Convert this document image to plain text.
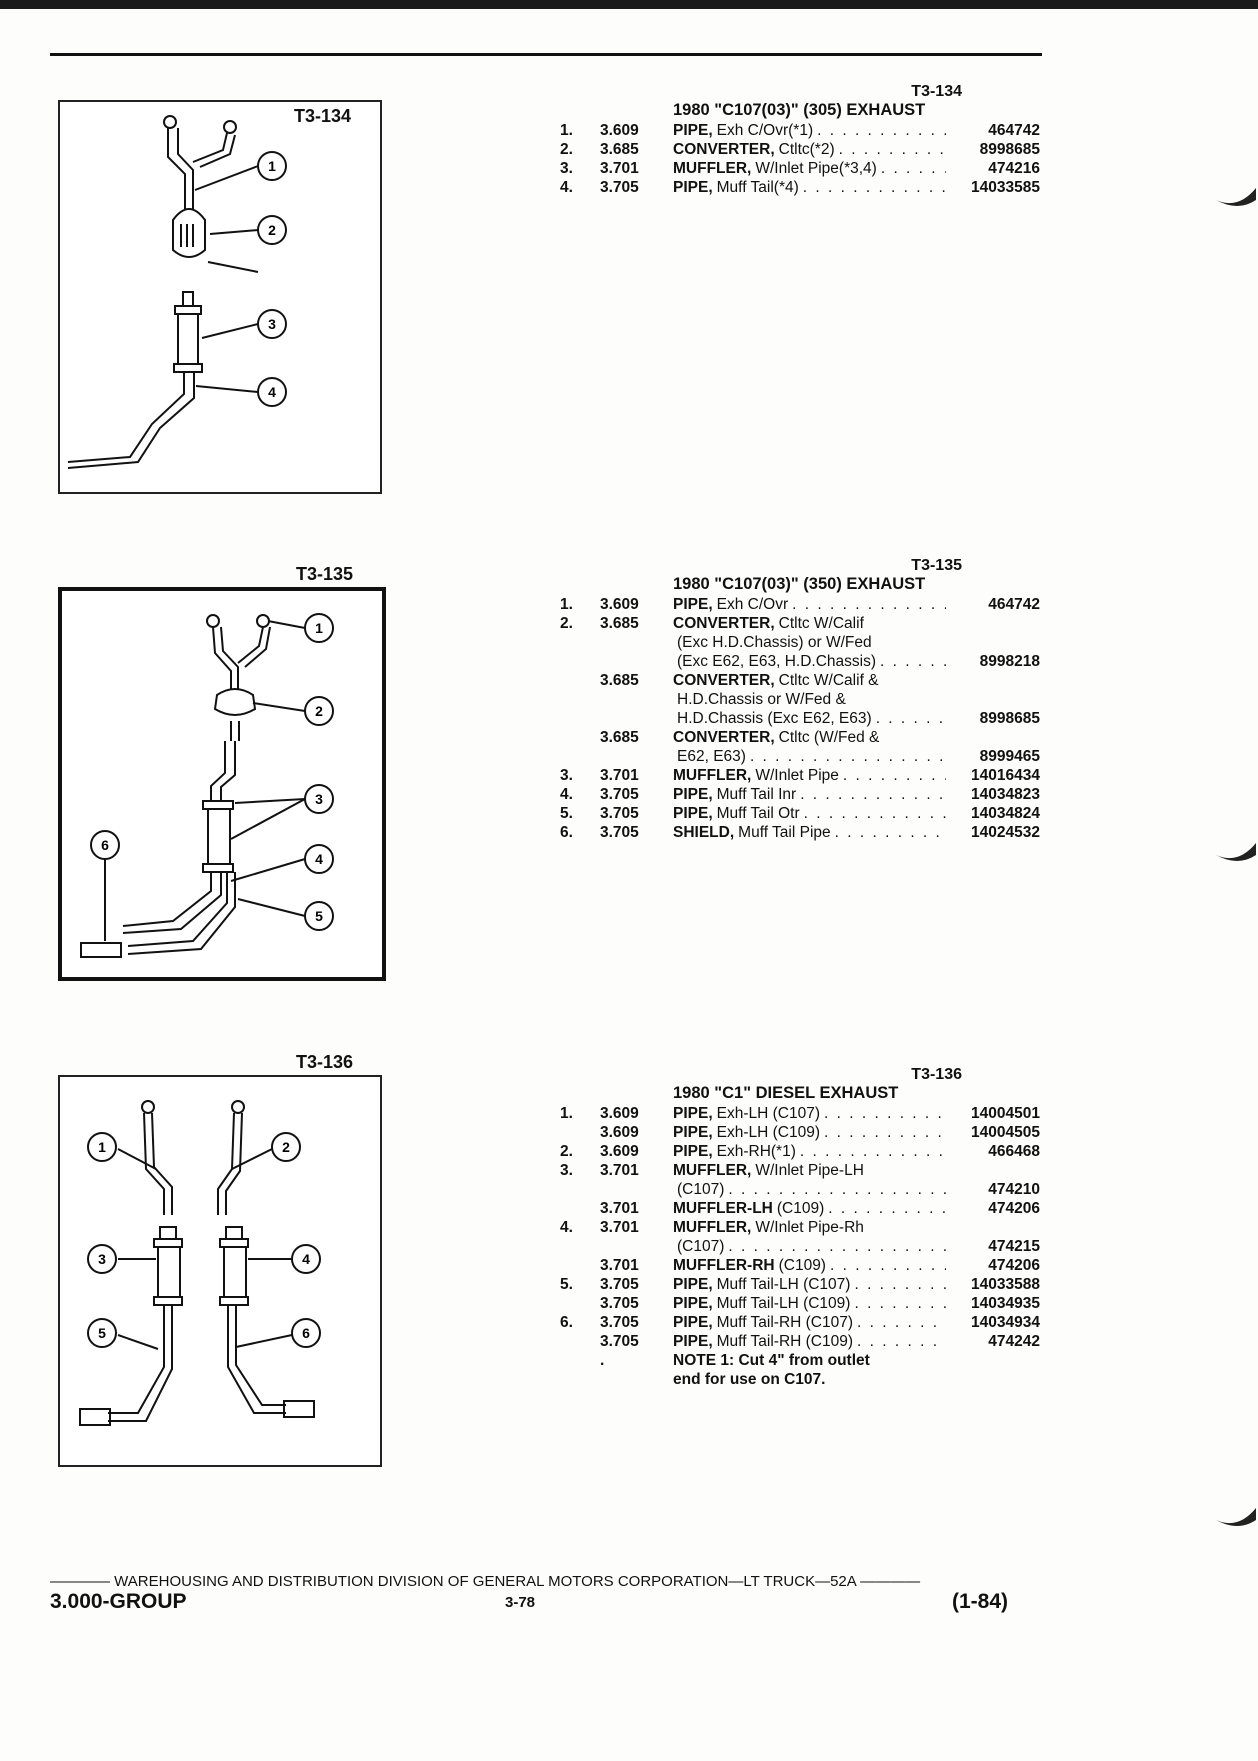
T3-134
1
2
3
4
T3-135
1
2
3
4
5
6
T3-136
1	2
3	4
5	6
T3-134
1980 "C107(03)" (305) EXHAUST
1.	3.609	PIPE, Exh C/Ovr(*1) . . .	464742
2.	3.685	CONVERTER, Ctltc(*2) . . .	8998685
3.	3.701	MUFFLER, W/Inlet Pipe(*3,4) . . .	474216
4.	3.705	PIPE, Muff Tail(*4) . . .	14033585
T3-135
1980 "C107(03)" (350) EXHAUST
1.	3.609	PIPE, Exh C/Ovr . . .	464742
2.	3.685	CONVERTER, Ctltc W/Calif
(Exc H.D.Chassis) or W/Fed
(Exc E62, E63, H.D.Chassis) . . .	8998218
3.685	CONVERTER, Ctltc W/Calif &
H.D.Chassis or W/Fed &
H.D.Chassis (Exc E62, E63) . . .	8998685
3.685	CONVERTER, Ctltc (W/Fed &
E62, E63) . . .	8999465
3.	3.701	MUFFLER, W/Inlet Pipe . . .	14016434
4.	3.705	PIPE, Muff Tail Inr . . .	14034823
5.	3.705	PIPE, Muff Tail Otr . . .	14034824
6.	3.705	SHIELD, Muff Tail Pipe . . .	14024532
T3-136
1980 "C1" DIESEL EXHAUST
1.	3.609	PIPE, Exh-LH (C107) . . .	14004501
3.609	PIPE, Exh-LH (C109) . . .	14004505
2.	3.609	PIPE, Exh-RH(*1) . . .	466468
3.	3.701	MUFFLER, W/Inlet Pipe-LH
(C107) . . .	474210
3.701	MUFFLER-LH (C109) . . .	474206
4.	3.701	MUFFLER, W/Inlet Pipe-Rh
(C107) . . .	474215
3.701	MUFFLER-RH (C109) . . .	474206
5.	3.705	PIPE, Muff Tail-LH (C107) . . .	14033588
3.705	PIPE, Muff Tail-LH (C109) . . .	14034935
6.	3.705	PIPE, Muff Tail-RH (C107) . . .	14034934
3.705	PIPE, Muff Tail-RH (C109) . . .	474242
.	NOTE 1: Cut 4" from outlet
end for use on C107.
———— WAREHOUSING AND DISTRIBUTION DIVISION OF GENERAL MOTORS CORPORATION—LT TRUCK—52A ————
3.000-GROUP	3-78	(1-84)
